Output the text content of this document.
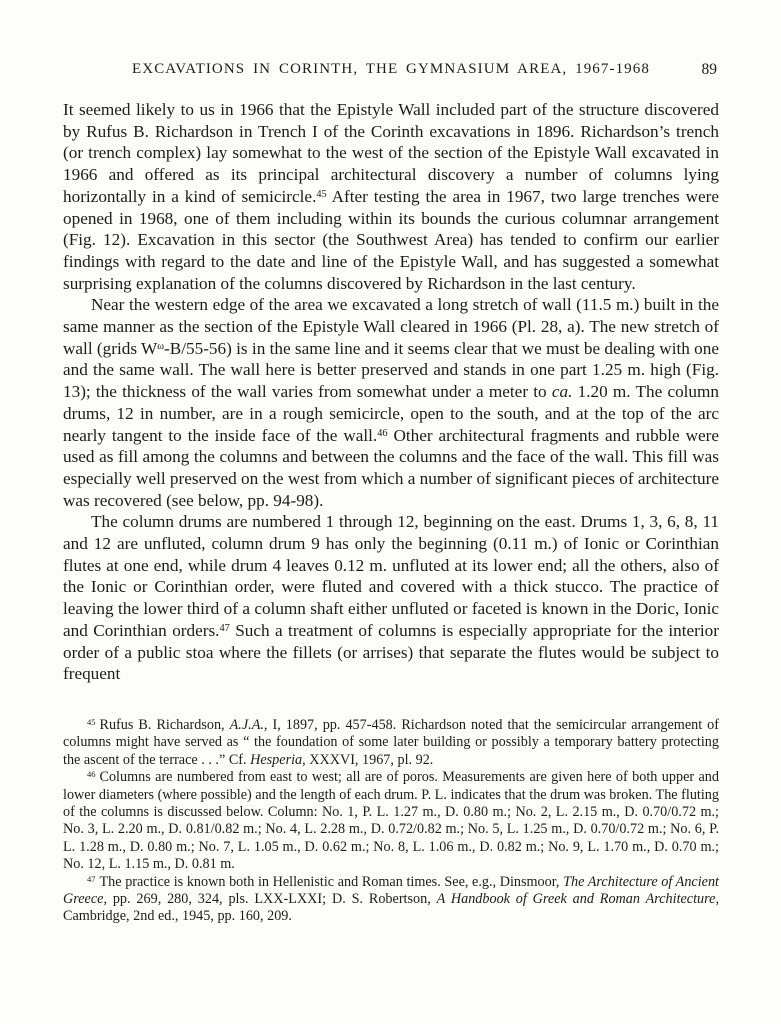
EXCAVATIONS IN CORINTH, THE GYMNASIUM AREA, 1967-1968	89

It seemed likely to us in 1966 that the Epistyle Wall included part of the structure discovered by Rufus B. Richardson in Trench I of the Corinth excavations in 1896. Richardson’s trench (or trench complex) lay somewhat to the west of the section of the Epistyle Wall excavated in 1966 and offered as its principal architectural discovery a number of columns lying horizontally in a kind of semicircle.$^{45}$ After testing the area in 1967, two large trenches were opened in 1968, one of them including within its bounds the curious columnar arrangement (Fig. 12). Excavation in this sector (the Southwest Area) has tended to confirm our earlier findings with regard to the date and line of the Epistyle Wall, and has suggested a somewhat surprising explanation of the columns discovered by Richardson in the last century.

Near the western edge of the area we excavated a long stretch of wall (11.5 m.) built in the same manner as the section of the Epistyle Wall cleared in 1966 (Pl. 28, a). The new stretch of wall (grids $W^\omega-B/55-56$) is in the same line and it seems clear that we must be dealing with one and the same wall. The wall here is better preserved and stands in one part 1.25 m. high (Fig. 13); the thickness of the wall varies from somewhat under a meter to ca. 1.20 m. The column drums, 12 in number, are in a rough semicircle, open to the south, and at the top of the arc nearly tangent to the inside face of the wall.$^{46}$ Other architectural fragments and rubble were used as fill among the columns and between the columns and the face of the wall. This fill was especially well preserved on the west from which a number of significant pieces of architecture was recovered (see below, pp. 94-98).

The column drums are numbered 1 through 12, beginning on the east. Drums 1, 3, 6, 8, 11 and 12 are unfluted, column drum 9 has only the beginning (0.11 m.) of Ionic or Corinthian flutes at one end, while drum 4 leaves 0.12 m. unfluted at its lower end; all the others, also of the Ionic or Corinthian order, were fluted and covered with a thick stucco. The practice of leaving the lower third of a column shaft either unfluted or faceted is known in the Doric, Ionic and Corinthian orders.$^{47}$ Such a treatment of columns is especially appropriate for the interior order of a public stoa where the fillets (or arrises) that separate the flutes would be subject to frequent

$^{45}$ Rufus B. Richardson, A.J.A., I, 1897, pp. 457-458. Richardson noted that the semicircular arrangement of columns might have served as “ the foundation of some later building or possibly a temporary battery protecting the ascent of the terrace . . .” Cf. Hesperia, XXXVI, 1967, pl. 92.

$^{46}$ Columns are numbered from east to west; all are of poros. Measurements are given here of both upper and lower diameters (where possible) and the length of each drum. P. L. indicates that the drum was broken. The fluting of the columns is discussed below. Column: No. 1, P. L. 1.27 m., D. 0.80 m.; No. 2, L. 2.15 m., D. 0.70/0.72 m.; No. 3, L. 2.20 m., D. 0.81/0.82 m.; No. 4, L. 2.28 m., D. 0.72/0.82 m.; No. 5, L. 1.25 m., D. 0.70/0.72 m.; No. 6, P. L. 1.28 m., D. 0.80 m.; No. 7, L. 1.05 m., D. 0.62 m.; No. 8, L. 1.06 m., D. 0.82 m.; No. 9, L. 1.70 m., D. 0.70 m.; No. 12, L. 1.15 m., D. 0.81 m.

$^{47}$ The practice is known both in Hellenistic and Roman times. See, e.g., Dinsmoor, The Architecture of Ancient Greece, pp. 269, 280, 324, pls. LXX-LXXI; D. S. Robertson, A Handbook of Greek and Roman Architecture, Cambridge, 2nd ed., 1945, pp. 160, 209.
